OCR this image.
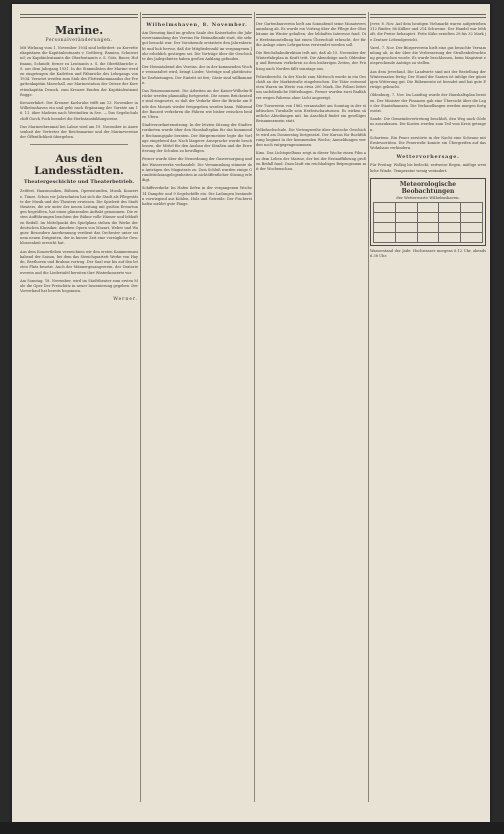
Marine.
Personalveränderungen.

Mit Wirkung vom 1. November 1934 sind befördert: zu Korvettenkapitänen die Kapitänleutnants v. Gottberg, Ramien, Schniewind; zu Kapitänleutnants die Oberleutnants z. S. Götz, Bauer, Hoffmann, Schmidt; ferner zu Leutnants z. S. die Oberfähnriche z. S. aus dem Jahrgang 1931. In die Stammlisten der Marine werden eingetragen die Kadetten und Fähnriche des Lehrgangs von 1934. Versetzt werden zum Stab des Flottenkommandos der Fregattenkapitän Marschall, zur Marinestation der Ostsee der Korvettenkapitän Densch, zum Kreuzer Emden der Kapitänleutnant Rogge.

Kreuzerfahrt: Der Kreuzer Karlsruhe trifft am 13. November in Wilhelmshaven ein und geht nach Ergänzung der Vorräte am 16. 11. über Madeira nach Westindien in See. — Das Segelschulschiff Gorch Fock beendet die Herbstausbildungsreise.

Das Marineehrenmal bei Laboe wird am 19. November in Anwesenheit der Vertreter der Reichsmarine und der Marinevereine der Öffentlichkeit übergeben.

Aus den Landesstädten.
Theatergeschichte und Theaterbetrieb.

Zeitfest, Hausmusiken, Bühnen, Opernstunden, Musik, Konzerte, Tänze. Schon vor Jahrzehnten hat sich die Stadt als Pflegestätte der Musik und des Theaters erwiesen. Die Spielzeit des Stadttheaters, die wir unter der neuen Leitung mit großen Erwartungen begrüßten, hat einen glänzenden Auftakt genommen. Die ersten Aufführungen brachten der Bühne volle Häuser und lebhaften Beifall. Im Mittelpunkt des Spielplans stehen die Werke der deutschen Klassiker, daneben Opern von Mozart, Weber und Wagner. Besondere Anerkennung verdient das Orchester unter seinem neuen Dirigenten, der in kurzer Zeit eine vorzügliche Geschlossenheit erreicht hat.

Aus dem Konzertleben verzeichnen wir den ersten Kammermusikabend der Saison, bei dem das Streichquartett Werke von Haydn, Beethoven und Brahms vortrug. Der Saal war bis auf den letzten Platz besetzt. Auch der Männergesangverein, der Oratorienverein und die Liedertafel bereiten ihre Winterkonzerte vor.

Am Sonntag, 18. November, wird im Stadttheater zum ersten Male die Oper Der Freischütz in neuer Inszenierung gegeben. Der Vorverkauf hat bereits begonnen.

Werner.
Wilhelmshaven, 8. November.

Am Dienstag fand im großen Saale des Kaiserhofes die Jahresversammlung des Vereins für Heimatkunde statt, die sehr gut besucht war. Der Vorsitzende erstattete den Jahresbericht und hob hervor, daß die Mitgliederzahl im vergangenen Jahr erheblich gestiegen sei. Die Vorträge über die Geschichte des Jadegebietes haben großen Anklang gefunden.

Der Heimatabend des Vereins, der in der kommenden Woche veranstaltet wird, bringt Lieder, Vorträge und plattdeutsche Darbietungen. Der Eintritt ist frei; Gäste sind willkommen.

Das Reisemonument. Die Arbeiten an der Kaiser-Wilhelm-Brücke werden planmäßig fortgesetzt. Die neuen Brückenteile sind eingesetzt, so daß der Verkehr über die Brücke am Ende des Monats wieder freigegeben werden kann. Während der Bauzeit verkehren die Fähren wie bisher zwischen beiden Ufern.

Stadtverordnetensitzung. In der letzten Sitzung der Stadtverordneten wurde über den Haushaltsplan für das kommende Rechnungsjahr beraten. Der Bürgermeister legte die Vorlage eingehend dar. Nach längerer Aussprache wurde beschlossen, die Mittel für den Ausbau der Straßen und die Erweiterung der Schulen zu bewilligen.

Ferner wurde über die Neuordnung der Gasversorgung und der Wasserwerke verhandelt. Die Versammlung stimmte den Anträgen des Magistrats zu. Zum Schluß wurden einige Grundstücksangelegenheiten in nichtöffentlicher Sitzung erledigt.

Schiffsverkehr. Im Hafen liefen in der vergangenen Woche 14 Dampfer und 9 Segelschiffe ein. Die Ladungen bestanden vorwiegend aus Kohlen, Holz und Getreide. Der Fischereihafen meldet gute Fänge.

Der Gartenbauverein hielt am Sonnabend seine Monatsversammlung ab. Es wurde ein Vortrag über die Pflege der Obstbäume im Winter gehalten, der lebhaftes Interesse fand. Die Herbstausstellung hat einen Überschuß erbracht, der für die Anlage eines Lehrgartens verwendet werden soll.

Die Reichsbahndirektion teilt mit, daß ab 15. November der Winterfahrplan in Kraft tritt. Die Abendzüge nach Oldenburg und Bremen verkehren zu den bisherigen Zeiten, der Frühzug nach Norden fällt sonntags aus.

Polizeibericht. In der Nacht zum Mittwoch wurde in ein Geschäft an der Marktstraße eingebrochen. Die Täter entwendeten Waren im Werte von etwa 200 Mark. Die Polizei bittet um sachdienliche Mitteilungen. Ferner wurden zwei Radfahrer wegen Fahrens ohne Licht angezeigt.

Der Turnverein von 1862 veranstaltet am Sonntag in der städtischen Turnhalle sein Herbstschauturnen. Es wirken sämtliche Abteilungen mit. Im Anschluß findet ein geselliges Beisammensein statt.

Volkshochschule. Die Vortragsreihe über deutsche Geschichte wird am Donnerstag fortgesetzt. Der Kursus für Buchführung beginnt in der kommenden Woche; Anmeldungen werden noch entgegengenommen.

Kino. Das Lichtspielhaus zeigt in dieser Woche einen Film aus dem Leben der Marine, der bei der Erstaufführung großen Beifall fand. Dazu läuft ein reichhaltiges Beiprogramm mit der Wochenschau.

Jever, 8. Nov. Auf dem heutigen Viehmarkt waren aufgetrieben 312 Rinder, 86 Kälber und 214 Schweine. Der Handel war lebhaft, die Preise behauptet. Fette Kühe erzielten 28 bis 32 Mark je Zentner Lebendgewicht.

Varel, 7. Nov. Der Bürgerverein hielt eine gut besuchte Versammlung ab, in der über die Verbesserung der Straßenbeleuchtung gesprochen wurde. Es wurde beschlossen, beim Magistrat entsprechende Anträge zu stellen.

Aus dem Jeverland. Die Landwirte sind mit der Bestellung der Wintersaaten fertig. Der Stand der Saaten ist infolge der günstigen Witterung gut. Die Rübenernte ist beendet und hat gute Erträge gebracht.

Oldenburg, 7. Nov. Im Landtag wurde der Haushaltsplan beraten. Der Minister der Finanzen gab eine Übersicht über die Lage der Staatsfinanzen. Die Verhandlungen werden morgen fortgesetzt.

Sande. Die Gemeindevertretung beschloß, den Weg nach Gödens auszubauen. Die Kosten werden zum Teil vom Kreis getragen.

Schortens. Ein Feuer zerstörte in der Nacht eine Scheune mit Erntevorräten. Die Feuerwehr konnte ein Übergreifen auf das Wohnhaus verhindern.

Wettervorhersage.

Für Freitag: Wolkig bis bedeckt, zeitweise Regen, mäßige westliche Winde, Temperatur wenig verändert.

Meteorologische Beobachtungen
der Wetterwarte Wilhelmshaven.

Wasserstand der Jade: Hochwasser morgens 6.12 Uhr, abends 6.38 Uhr.
